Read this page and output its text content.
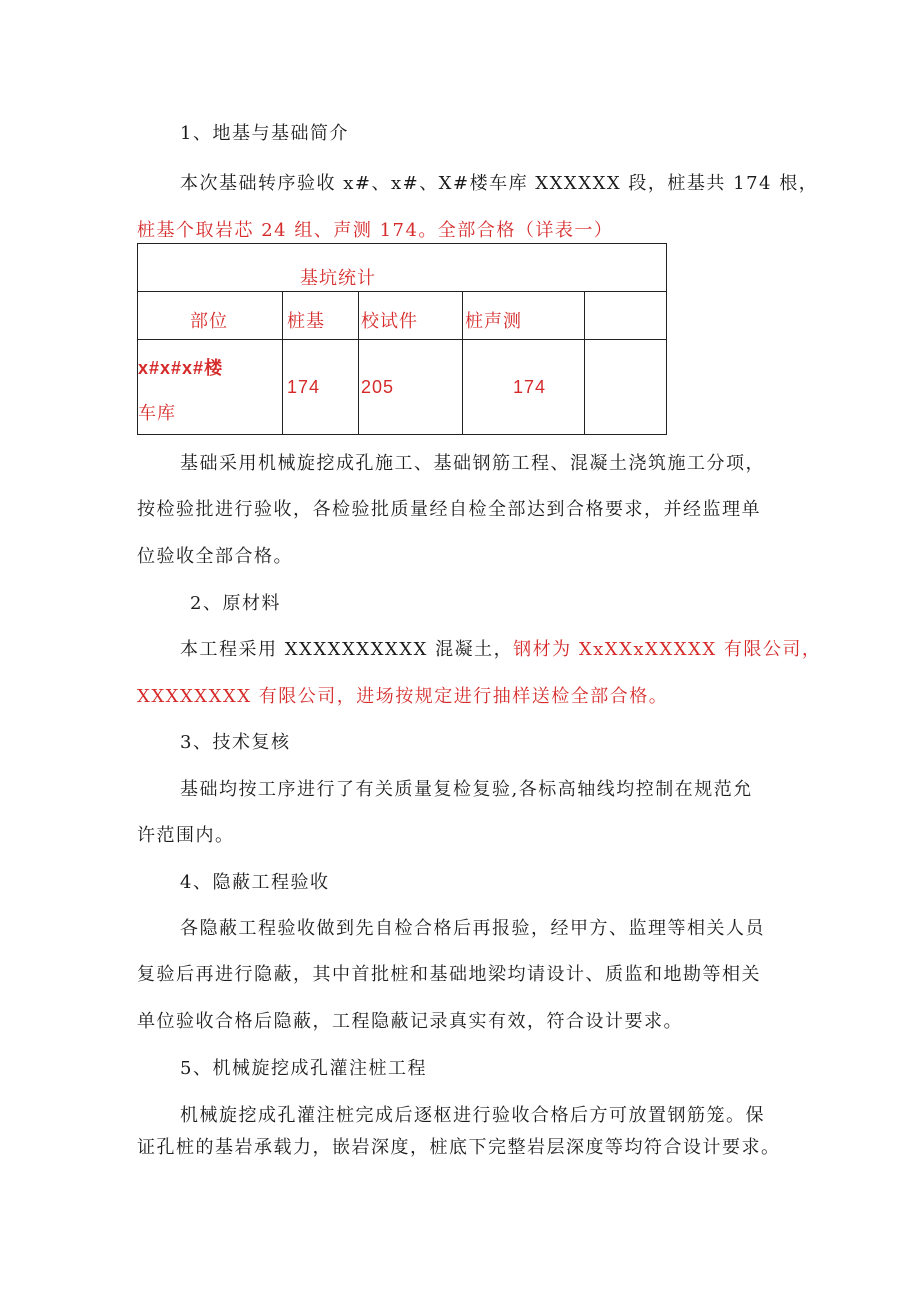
1、地基与基础简介
本次基础转序验收 x#、x#、X#楼车库 XXXXXX 段，桩基共 174 根，
桩基个取岩芯 24 组、声测 174。全部合格（详表一）
基坑统计				
部位	桩基	校试件	桩声测	

x#x#x#楼
车库	174	205	174	
基础采用机械旋挖成孔施工、基础钢筋工程、混凝土浇筑施工分项，
按检验批进行验收，各检验批质量经自检全部达到合格要求，并经监理单
位验收全部合格。
2、原材料
本工程采用 XXXXXXXXXX 混凝土，钢材为 XxXXxXXXXX 有限公司，
XXXXXXXX 有限公司，进场按规定进行抽样送检全部合格。
3、技术复核
基础均按工序进行了有关质量复检复验,各标高轴线均控制在规范允
许范围内。
4、隐蔽工程验收
各隐蔽工程验收做到先自检合格后再报验，经甲方、监理等相关人员
复验后再进行隐蔽，其中首批桩和基础地梁均请设计、质监和地勘等相关
单位验收合格后隐蔽，工程隐蔽记录真实有效，符合设计要求。
5、机械旋挖成孔灌注桩工程
机械旋挖成孔灌注桩完成后逐枢进行验收合格后方可放置钢筋笼。保
证孔桩的基岩承载力，嵌岩深度，桩底下完整岩层深度等均符合设计要求。
